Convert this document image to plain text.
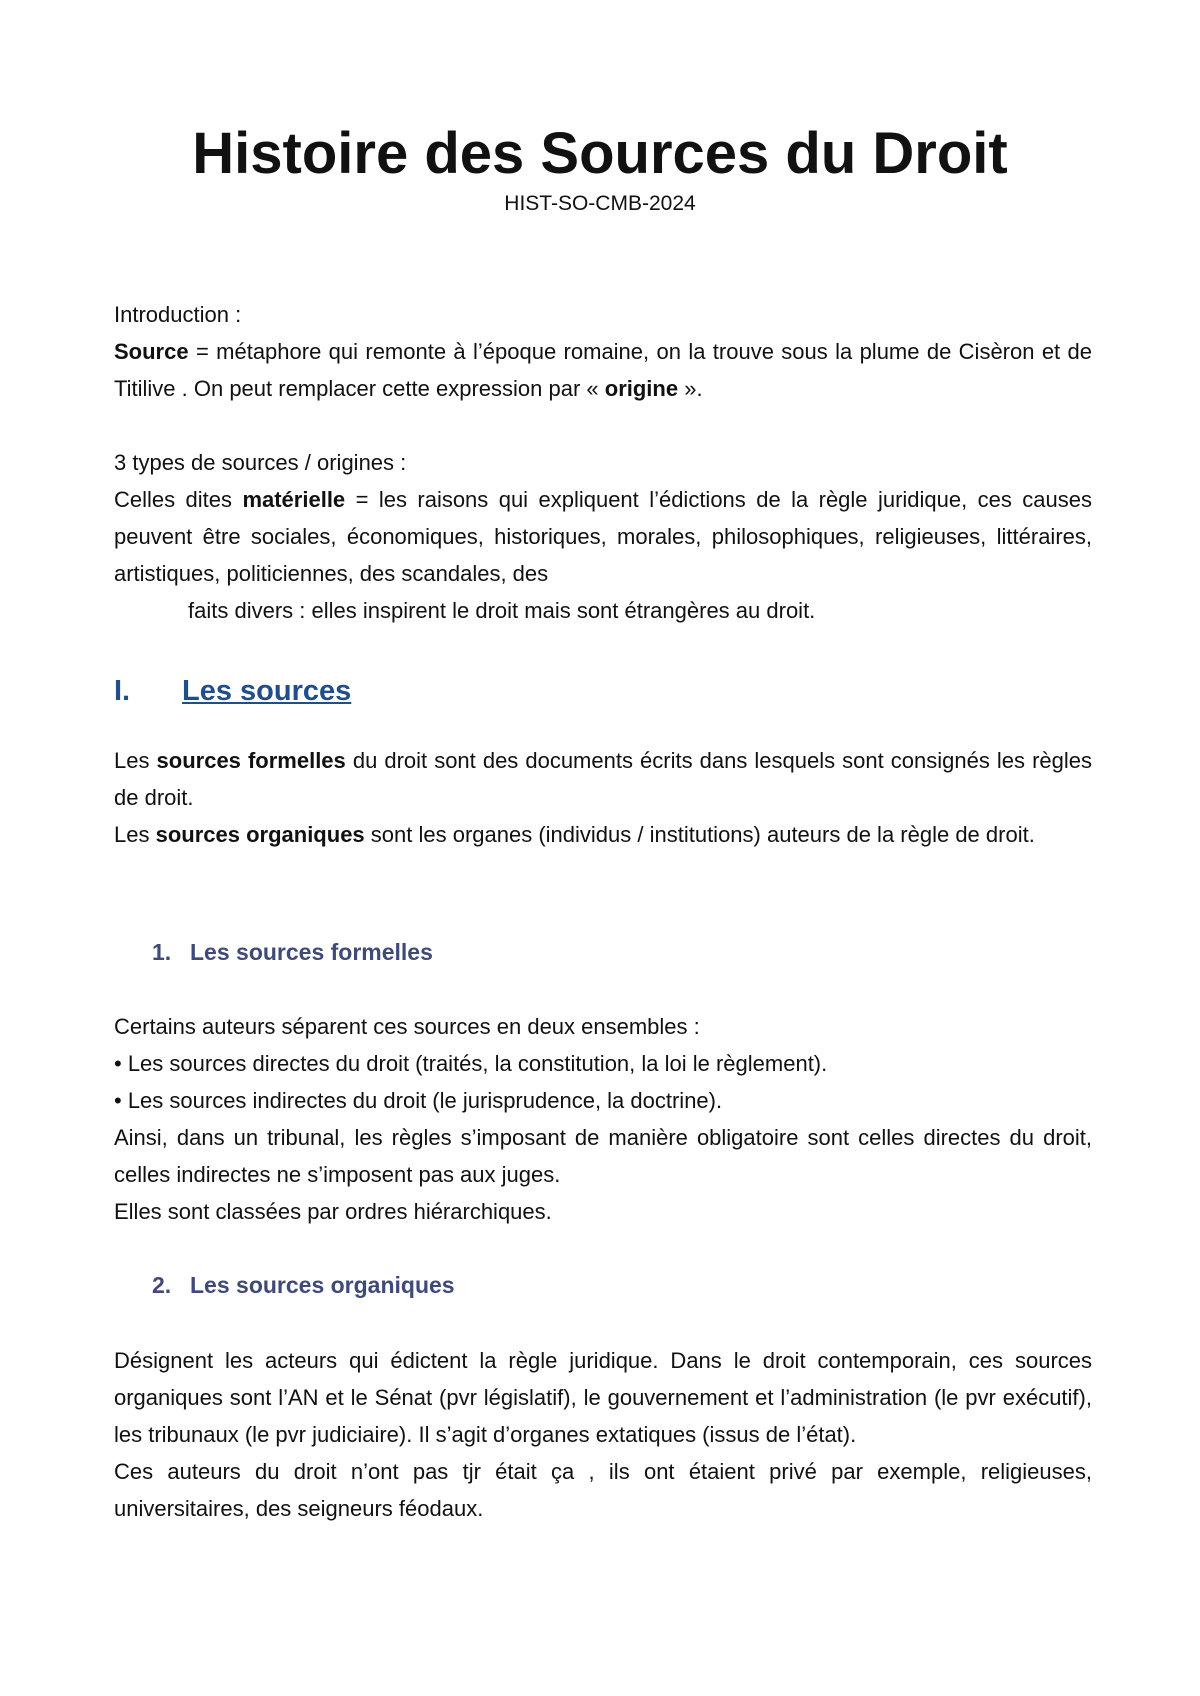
Histoire des Sources du Droit
HIST-SO-CMB-2024

Introduction :

Source = métaphore qui remonte à l’époque romaine, on la trouve sous la plume de Cisèron et de Titilive . On peut remplacer cette expression par « origine ».

3 types de sources / origines :

Celles dites matérielle = les raisons qui expliquent l’édictions de la règle juridique, ces causes peuvent être sociales, économiques, historiques, morales, philosophiques, religieuses, littéraires, artistiques, politiciennes, des scandales, des

faits divers : elles inspirent le droit mais sont étrangères au droit.

I. Les sources

Les sources formelles du droit sont des documents écrits dans lesquels sont consignés les règles de droit.

Les sources organiques sont les organes (individus / institutions) auteurs de la règle de droit.

1. Les sources formelles

Certains auteurs séparent ces sources en deux ensembles :

• Les sources directes du droit (traités, la constitution, la loi le règlement).

• Les sources indirectes du droit (le jurisprudence, la doctrine).

Ainsi, dans un tribunal, les règles s’imposant de manière obligatoire sont celles directes du droit, celles indirectes ne s’imposent pas aux juges.

Elles sont classées par ordres hiérarchiques.

2. Les sources organiques

Désignent les acteurs qui édictent la règle juridique. Dans le droit contemporain, ces sources organiques sont l’AN et le Sénat (pvr législatif), le gouvernement et l’administration (le pvr exécutif), les tribunaux (le pvr judiciaire). Il s’agit d’organes extatiques (issus de l’état).

Ces auteurs du droit n’ont pas tjr était ça , ils ont étaient privé par exemple, religieuses, universitaires, des seigneurs féodaux.
